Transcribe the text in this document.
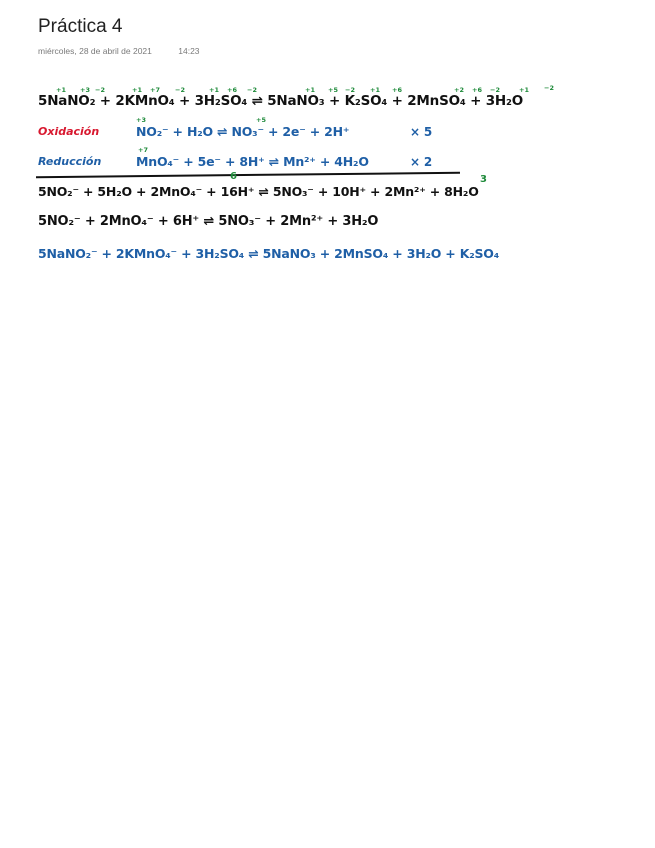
Práctica 4
miércoles, 28 de abril de 2021	14:23
+1 +3 −2	+1 +7 −2	+1 +6 −2	+1 +5 −2 +1 +6	+2 +6 −2	+1 −2
5NaNO₂ + 2KMnO₄ + 3H₂SO₄ ⇌ 5NaNO₃ + K₂SO₄ + 2MnSO₄ + 3H₂O
Oxidación
+3	+5
NO₂⁻ + H₂O ⇌ NO₃⁻ + 2e⁻ + 2H⁺	× 5
Reducción
+7
MnO₄⁻ + 5e⁻ + 8H⁺ ⇌ Mn²⁺ + 4H₂O	× 2
6	3
5NO₂⁻ + 5H₂O + 2MnO₄⁻ + 16H⁺ ⇌ 5NO₃⁻ + 10H⁺ + 2Mn²⁺ + 8H₂O
5NO₂⁻ + 2MnO₄⁻ + 6H⁺ ⇌ 5NO₃⁻ + 2Mn²⁺ + 3H₂O
5NaNO₂⁻ + 2KMnO₄⁻ + 3H₂SO₄ ⇌ 5NaNO₃ + 2MnSO₄ + 3H₂O + K₂SO₄
